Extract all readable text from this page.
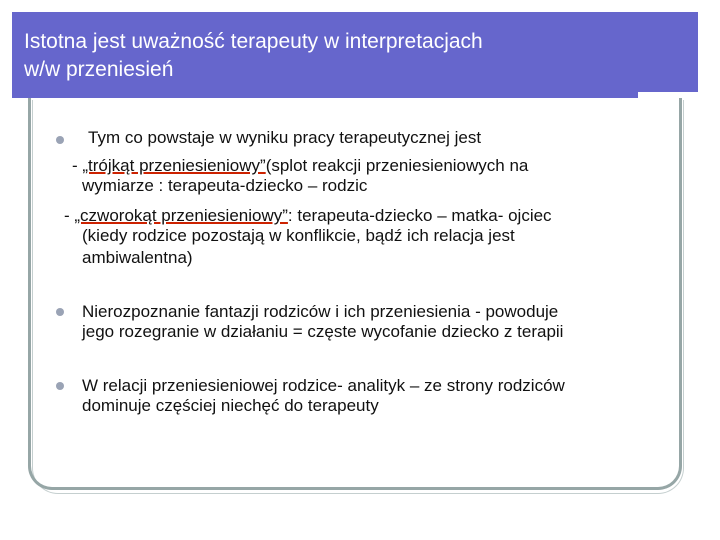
Istotna jest uważność terapeuty w interpretacjach
w/w przeniesień
Tym co powstaje w wyniku pracy terapeutycznej jest
- „trójkąt przeniesieniowy”(splot reakcji przeniesieniowych na
wymiarze : terapeuta-dziecko – rodzic
- „czworokąt przeniesieniowy”: terapeuta-dziecko – matka- ojciec
(kiedy rodzice pozostają w konflikcie, bądź ich relacja jest
ambiwalentna)
Nierozpoznanie fantazji rodziców i ich przeniesienia - powoduje
jego rozegranie w działaniu = częste wycofanie dziecko z terapii
W relacji przeniesieniowej rodzice- analityk – ze strony rodziców
dominuje częściej niechęć do terapeuty
